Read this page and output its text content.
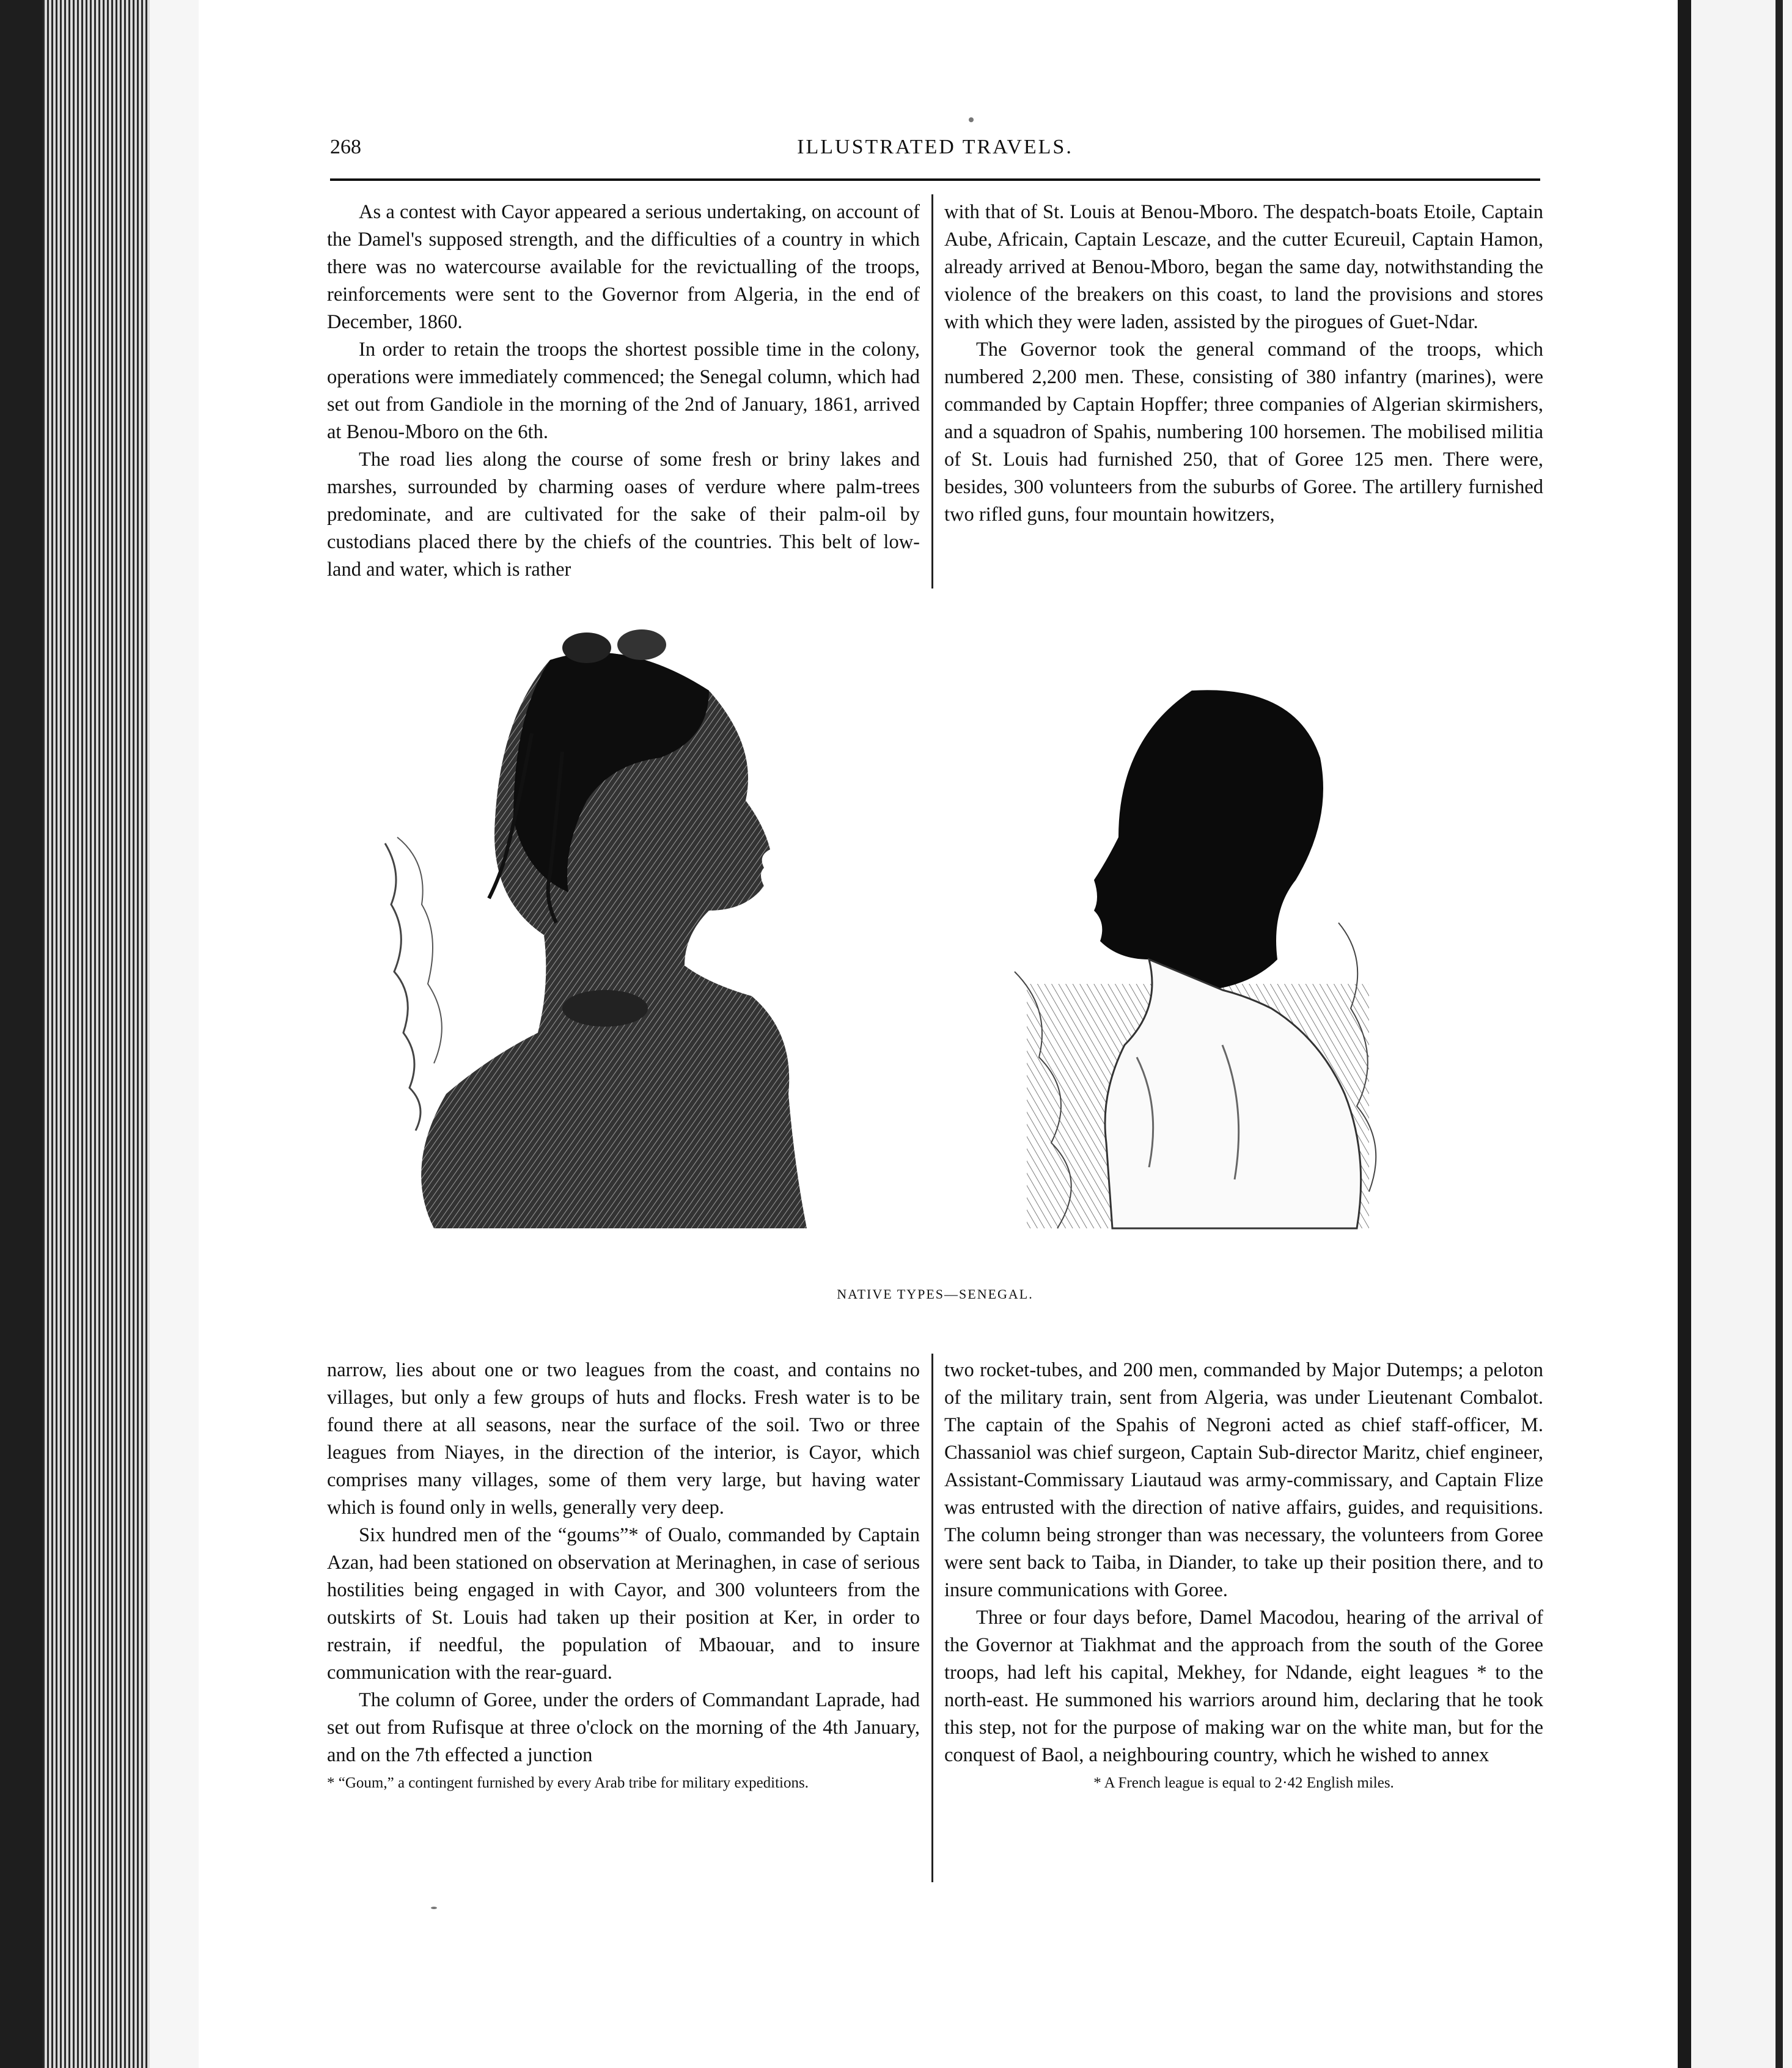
268	ILLUSTRATED TRAVELS.

As a contest with Cayor appeared a serious undertaking, on account of the Damel's supposed strength, and the difficulties of a country in which there was no watercourse available for the revictualling of the troops, reinforcements were sent to the Governor from Algeria, in the end of December, 1860.

In order to retain the troops the shortest possible time in the colony, operations were immediately commenced; the Senegal column, which had set out from Gandiole in the morning of the 2nd of January, 1861, arrived at Benou-Mboro on the 6th.

The road lies along the course of some fresh or briny lakes and marshes, surrounded by charming oases of verdure where palm-trees predominate, and are cultivated for the sake of their palm-oil by custodians placed there by the chiefs of the countries. This belt of low-land and water, which is rather

with that of St. Louis at Benou-Mboro. The despatch-boats Etoile, Captain Aube, Africain, Captain Lescaze, and the cutter Ecureuil, Captain Hamon, already arrived at Benou-Mboro, began the same day, notwithstanding the violence of the breakers on this coast, to land the provisions and stores with which they were laden, assisted by the pirogues of Guet-Ndar.

The Governor took the general command of the troops, which numbered 2,200 men. These, consisting of 380 infantry (marines), were commanded by Captain Hopffer; three companies of Algerian skirmishers, and a squadron of Spahis, numbering 100 horsemen. The mobilised militia of St. Louis had furnished 250, that of Goree 125 men. There were, besides, 300 volunteers from the suburbs of Goree. The artillery furnished two rifled guns, four mountain howitzers,

NATIVE TYPES—SENEGAL.

narrow, lies about one or two leagues from the coast, and contains no villages, but only a few groups of huts and flocks. Fresh water is to be found there at all seasons, near the surface of the soil. Two or three leagues from Niayes, in the direction of the interior, is Cayor, which comprises many villages, some of them very large, but having water which is found only in wells, generally very deep.

Six hundred men of the “goums”* of Oualo, commanded by Captain Azan, had been stationed on observation at Merinaghen, in case of serious hostilities being engaged in with Cayor, and 300 volunteers from the outskirts of St. Louis had taken up their position at Ker, in order to restrain, if needful, the population of Mbaouar, and to insure communication with the rear-guard.

The column of Goree, under the orders of Commandant Laprade, had set out from Rufisque at three o'clock on the morning of the 4th January, and on the 7th effected a junction

* “Goum,” a contingent furnished by every Arab tribe for military expeditions.

two rocket-tubes, and 200 men, commanded by Major Dutemps; a peloton of the military train, sent from Algeria, was under Lieutenant Combalot. The captain of the Spahis of Negroni acted as chief staff-officer, M. Chassaniol was chief surgeon, Captain Sub-director Maritz, chief engineer, Assistant-Commissary Liautaud was army-commissary, and Captain Flize was entrusted with the direction of native affairs, guides, and requisitions. The column being stronger than was necessary, the volunteers from Goree were sent back to Taiba, in Diander, to take up their position there, and to insure communications with Goree.

Three or four days before, Damel Macodou, hearing of the arrival of the Governor at Tiakhmat and the approach from the south of the Goree troops, had left his capital, Mekhey, for Ndande, eight leagues * to the north-east. He summoned his warriors around him, declaring that he took this step, not for the purpose of making war on the white man, but for the conquest of Baol, a neighbouring country, which he wished to annex

* A French league is equal to 2·42 English miles.
